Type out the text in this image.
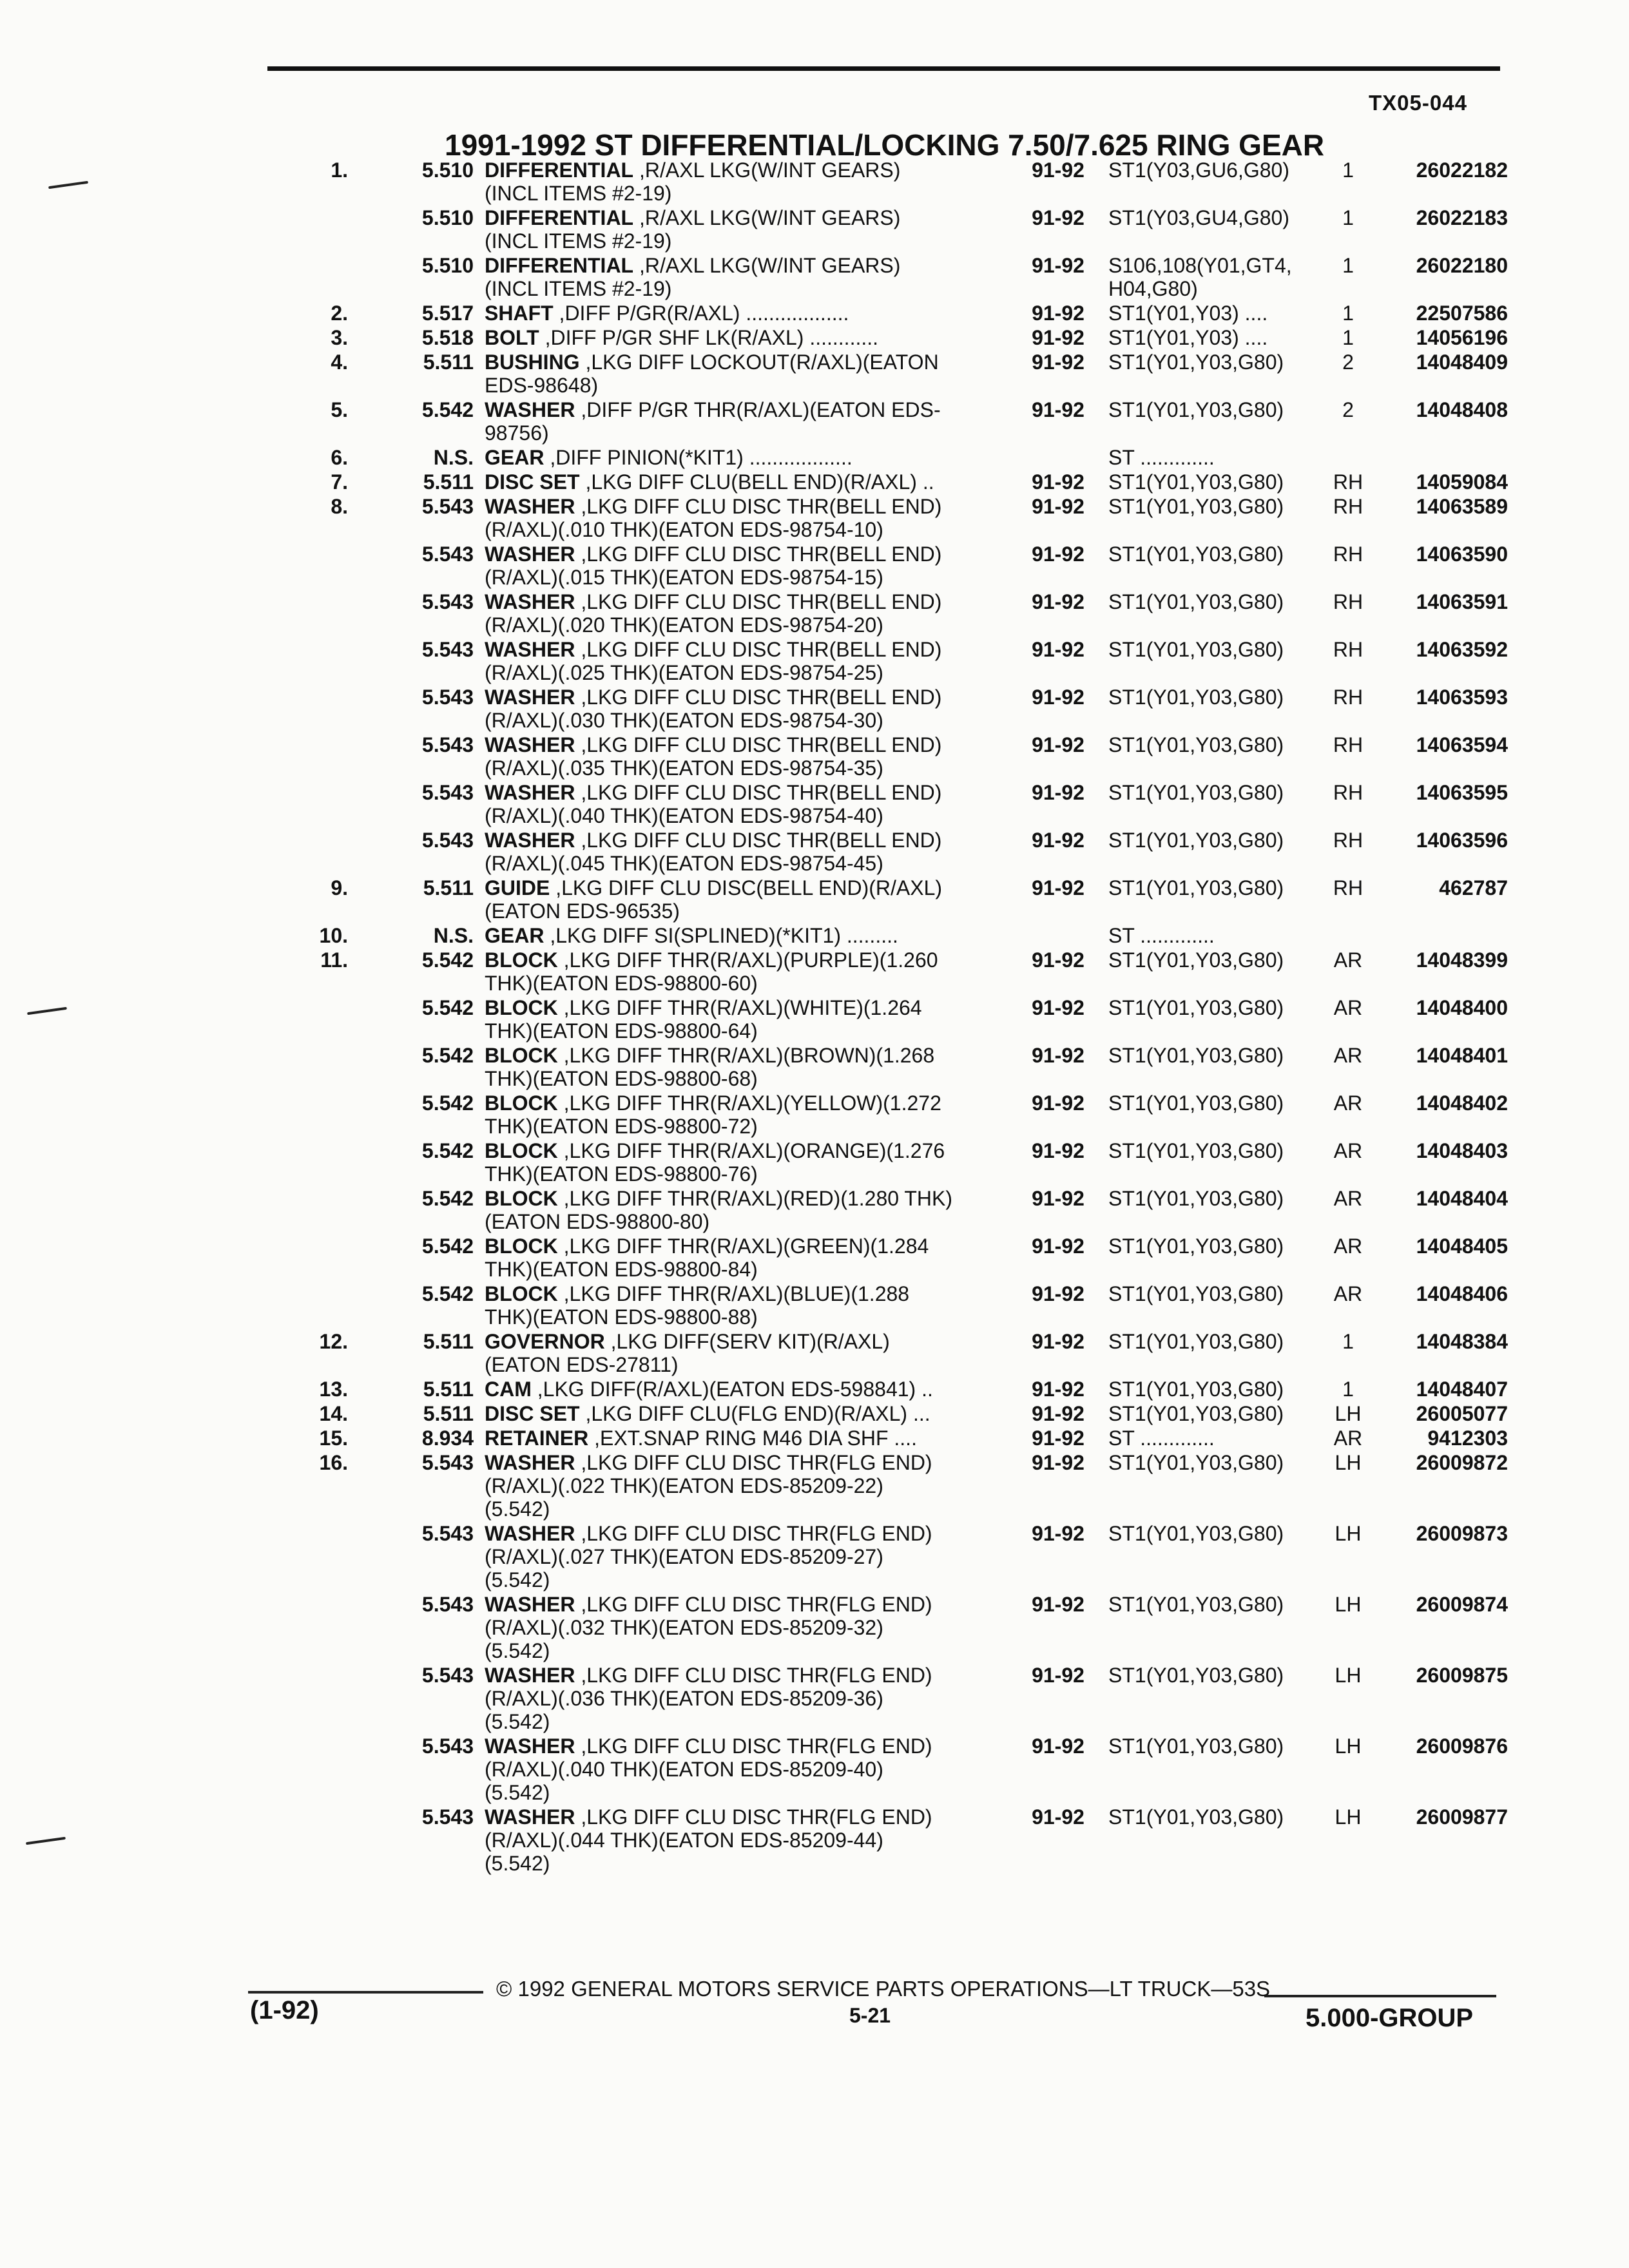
TX05-044
1991-1992 ST DIFFERENTIAL/LOCKING 7.50/7.625 RING GEAR
1.	5.510 DIFFERENTIAL ,R/AXL LKG(W/INT GEARS)
(INCL ITEMS #2-19)
91-92	ST1(Y03,GU6,G80)	1	26022182
5.510 DIFFERENTIAL ,R/AXL LKG(W/INT GEARS)
(INCL ITEMS #2-19)
91-92	ST1(Y03,GU4,G80)	1	26022183
5.510 DIFFERENTIAL ,R/AXL LKG(W/INT GEARS)
(INCL ITEMS #2-19)
91-92	S106,108(Y01,GT4,
H04,G80)
1	26022180
2.	5.517 SHAFT ,DIFF P/GR(R/AXL) ..................	91-92	ST1(Y01,Y03) ....	1	22507586
3.	5.518 BOLT ,DIFF P/GR SHF LK(R/AXL) ............	91-92	ST1(Y01,Y03) ....	1	14056196
4.	5.511 BUSHING ,LKG DIFF LOCKOUT(R/AXL)(EATON
EDS-98648)
91-92	ST1(Y01,Y03,G80)	2	14048409
5.	5.542 WASHER ,DIFF P/GR THR(R/AXL)(EATON EDS-
98756)
91-92	ST1(Y01,Y03,G80)	2	14048408
6.	N.S. GEAR ,DIFF PINION(*KIT1) ..................	ST .............
7.	5.511 DISC SET ,LKG DIFF CLU(BELL END)(R/AXL) ..	91-92	ST1(Y01,Y03,G80)	RH	14059084
8.	5.543 WASHER ,LKG DIFF CLU DISC THR(BELL END)
(R/AXL)(.010 THK)(EATON EDS-98754-10)
91-92	ST1(Y01,Y03,G80)	RH	14063589
5.543 WASHER ,LKG DIFF CLU DISC THR(BELL END)
(R/AXL)(.015 THK)(EATON EDS-98754-15)
91-92	ST1(Y01,Y03,G80)	RH	14063590
5.543 WASHER ,LKG DIFF CLU DISC THR(BELL END)
(R/AXL)(.020 THK)(EATON EDS-98754-20)
91-92	ST1(Y01,Y03,G80)	RH	14063591
5.543 WASHER ,LKG DIFF CLU DISC THR(BELL END)
(R/AXL)(.025 THK)(EATON EDS-98754-25)
91-92	ST1(Y01,Y03,G80)	RH	14063592
5.543 WASHER ,LKG DIFF CLU DISC THR(BELL END)
(R/AXL)(.030 THK)(EATON EDS-98754-30)
91-92	ST1(Y01,Y03,G80)	RH	14063593
5.543 WASHER ,LKG DIFF CLU DISC THR(BELL END)
(R/AXL)(.035 THK)(EATON EDS-98754-35)
91-92	ST1(Y01,Y03,G80)	RH	14063594
5.543 WASHER ,LKG DIFF CLU DISC THR(BELL END)
(R/AXL)(.040 THK)(EATON EDS-98754-40)
91-92	ST1(Y01,Y03,G80)	RH	14063595
5.543 WASHER ,LKG DIFF CLU DISC THR(BELL END)
(R/AXL)(.045 THK)(EATON EDS-98754-45)
91-92	ST1(Y01,Y03,G80)	RH	14063596
9.	5.511 GUIDE ,LKG DIFF CLU DISC(BELL END)(R/AXL)
(EATON EDS-96535)
91-92	ST1(Y01,Y03,G80)	RH	462787
10.	N.S. GEAR ,LKG DIFF SI(SPLINED)(*KIT1) .........	ST .............
11.	5.542 BLOCK ,LKG DIFF THR(R/AXL)(PURPLE)(1.260
THK)(EATON EDS-98800-60)
91-92	ST1(Y01,Y03,G80)	AR	14048399
5.542 BLOCK ,LKG DIFF THR(R/AXL)(WHITE)(1.264
THK)(EATON EDS-98800-64)
91-92	ST1(Y01,Y03,G80)	AR	14048400
5.542 BLOCK ,LKG DIFF THR(R/AXL)(BROWN)(1.268
THK)(EATON EDS-98800-68)
91-92	ST1(Y01,Y03,G80)	AR	14048401
5.542 BLOCK ,LKG DIFF THR(R/AXL)(YELLOW)(1.272
THK)(EATON EDS-98800-72)
91-92	ST1(Y01,Y03,G80)	AR	14048402
5.542 BLOCK ,LKG DIFF THR(R/AXL)(ORANGE)(1.276
THK)(EATON EDS-98800-76)
91-92	ST1(Y01,Y03,G80)	AR	14048403
5.542 BLOCK ,LKG DIFF THR(R/AXL)(RED)(1.280 THK)
(EATON EDS-98800-80)
91-92	ST1(Y01,Y03,G80)	AR	14048404
5.542 BLOCK ,LKG DIFF THR(R/AXL)(GREEN)(1.284
THK)(EATON EDS-98800-84)
91-92	ST1(Y01,Y03,G80)	AR	14048405
5.542 BLOCK ,LKG DIFF THR(R/AXL)(BLUE)(1.288
THK)(EATON EDS-98800-88)
91-92	ST1(Y01,Y03,G80)	AR	14048406
12.	5.511 GOVERNOR ,LKG DIFF(SERV KIT)(R/AXL)
(EATON EDS-27811)
91-92	ST1(Y01,Y03,G80)	1	14048384
13.	5.511 CAM ,LKG DIFF(R/AXL)(EATON EDS-598841) ..	91-92	ST1(Y01,Y03,G80)	1	14048407
14.	5.511 DISC SET ,LKG DIFF CLU(FLG END)(R/AXL) ...	91-92	ST1(Y01,Y03,G80)	LH	26005077
15.	8.934 RETAINER ,EXT.SNAP RING M46 DIA SHF ....	91-92	ST .............	AR	9412303
16.	5.543 WASHER ,LKG DIFF CLU DISC THR(FLG END)
(R/AXL)(.022 THK)(EATON EDS-85209-22)
(5.542)
91-92	ST1(Y01,Y03,G80)	LH	26009872
5.543 WASHER ,LKG DIFF CLU DISC THR(FLG END)
(R/AXL)(.027 THK)(EATON EDS-85209-27)
(5.542)
91-92	ST1(Y01,Y03,G80)	LH	26009873
5.543 WASHER ,LKG DIFF CLU DISC THR(FLG END)
(R/AXL)(.032 THK)(EATON EDS-85209-32)
(5.542)
91-92	ST1(Y01,Y03,G80)	LH	26009874
5.543 WASHER ,LKG DIFF CLU DISC THR(FLG END)
(R/AXL)(.036 THK)(EATON EDS-85209-36)
(5.542)
91-92	ST1(Y01,Y03,G80)	LH	26009875
5.543 WASHER ,LKG DIFF CLU DISC THR(FLG END)
(R/AXL)(.040 THK)(EATON EDS-85209-40)
(5.542)
91-92	ST1(Y01,Y03,G80)	LH	26009876
5.543 WASHER ,LKG DIFF CLU DISC THR(FLG END)
(R/AXL)(.044 THK)(EATON EDS-85209-44)
(5.542)
91-92	ST1(Y01,Y03,G80)	LH	26009877
(1-92)
© 1992 GENERAL MOTORS SERVICE PARTS OPERATIONS—LT TRUCK—53S
5-21	5.000-GROUP
